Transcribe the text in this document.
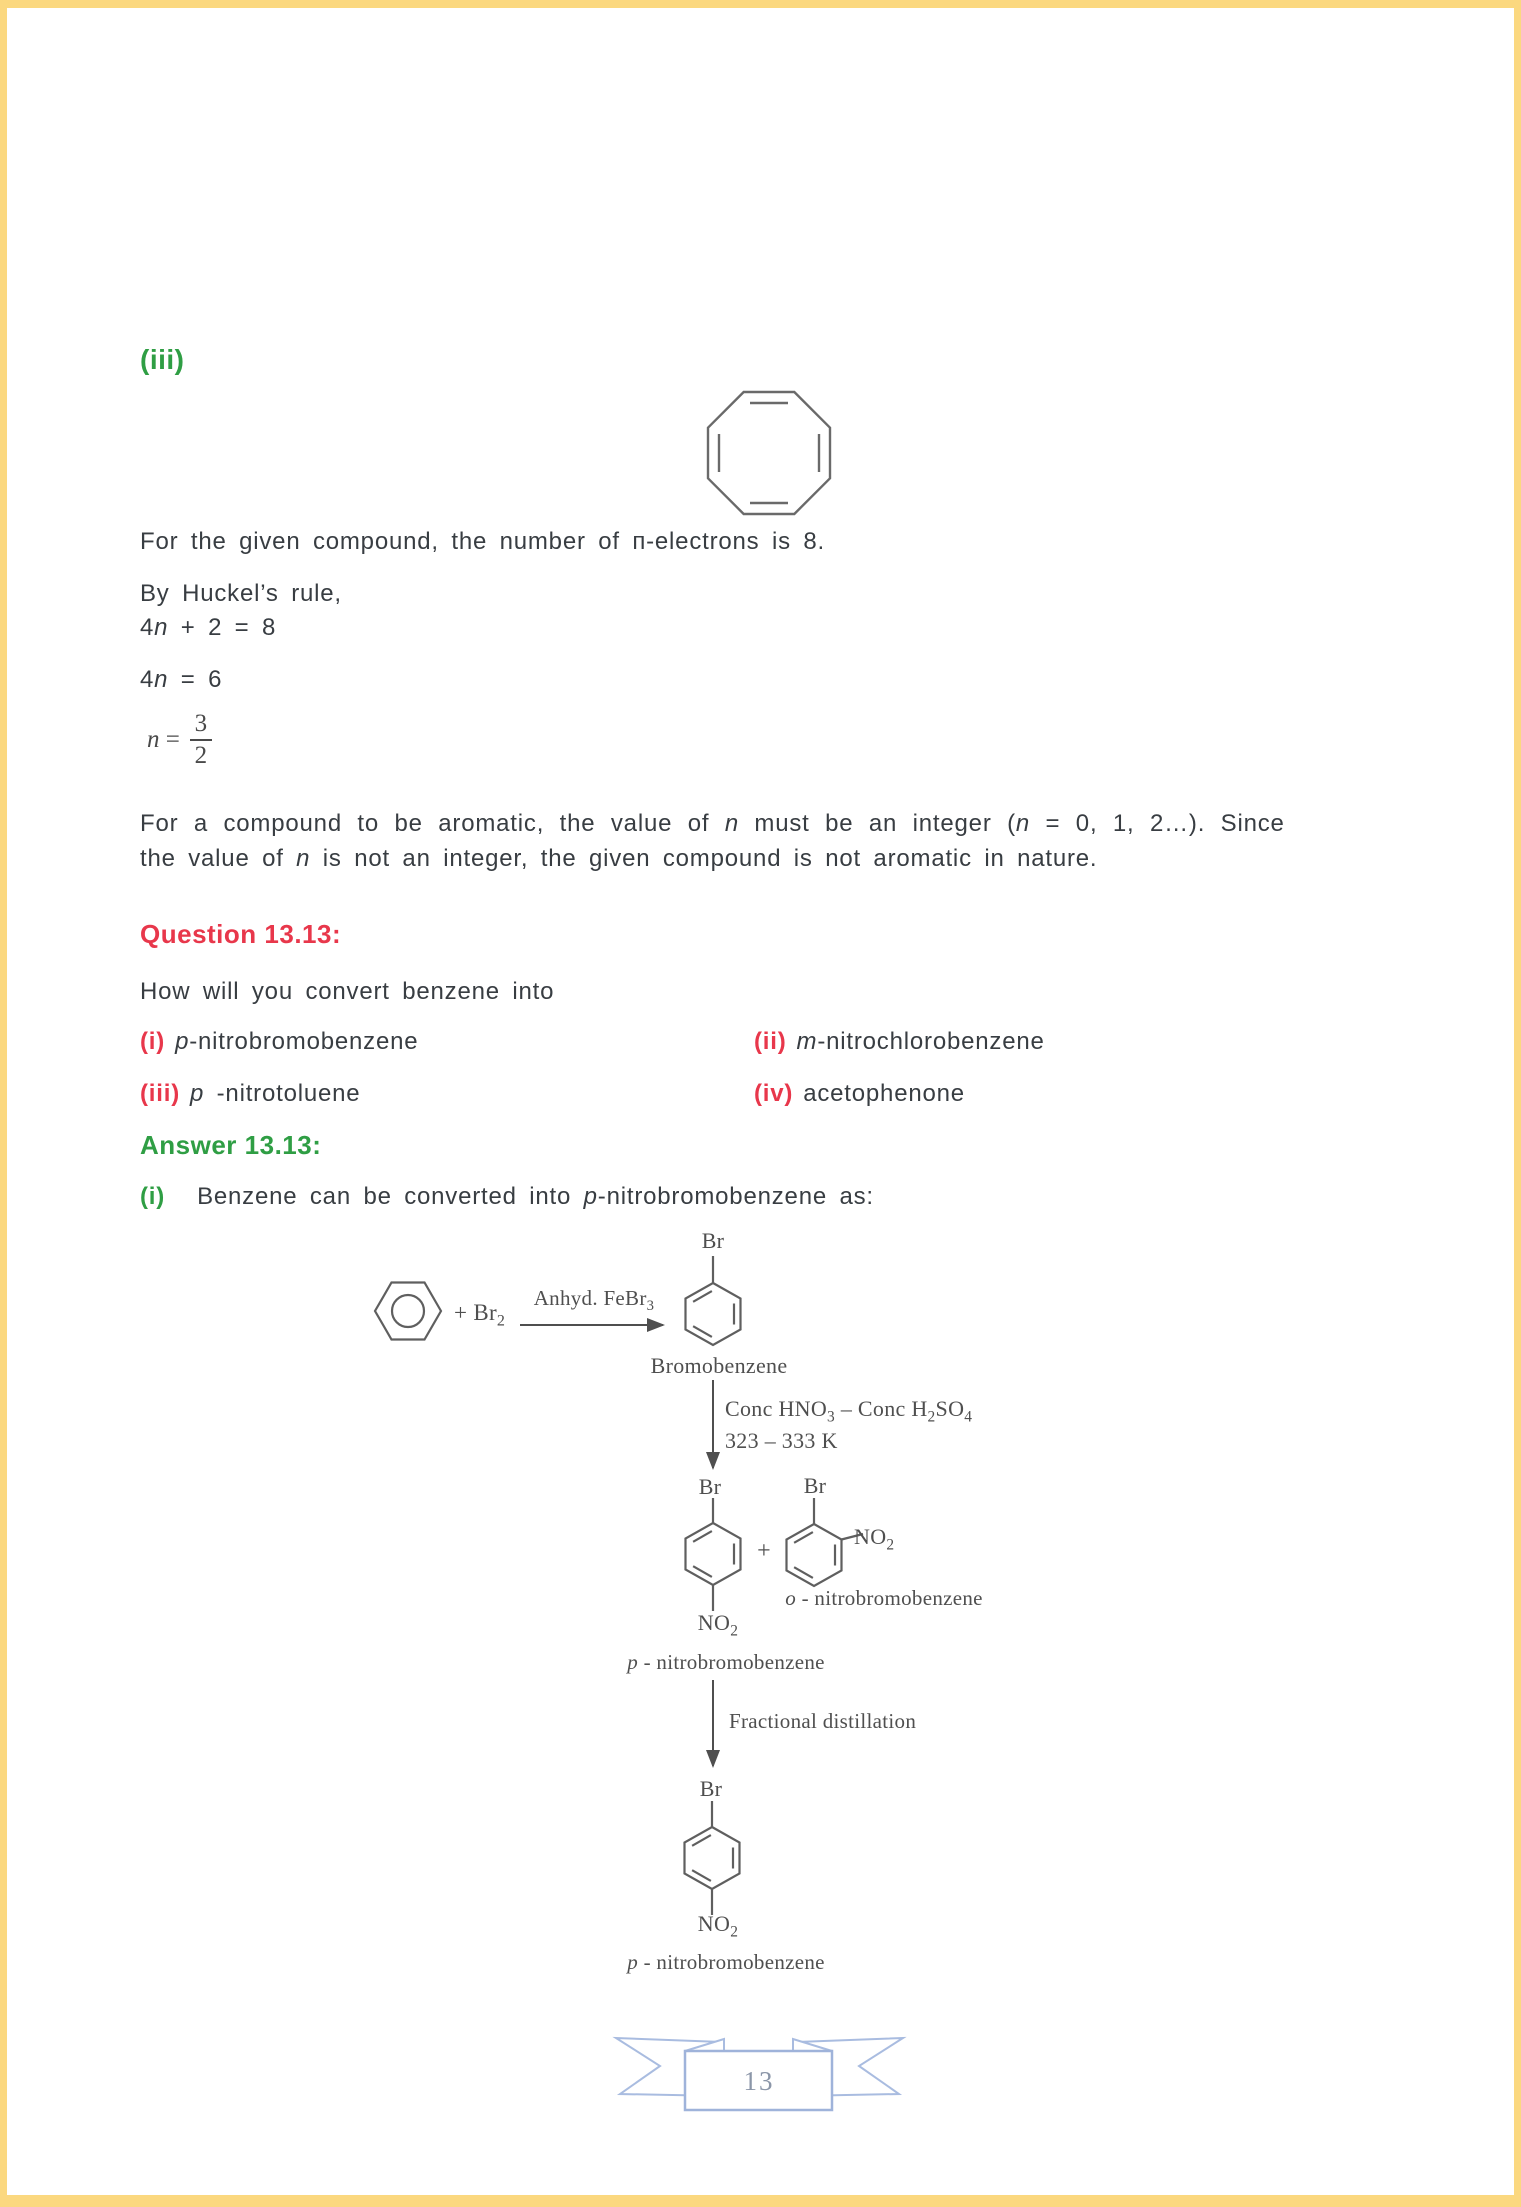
(iii)
For the given compound, the number of п-electrons is 8.
By Huckel’s rule,
4n + 2 = 8
4n = 6
$n = \frac{3}{2}$
For a compound to be aromatic, the value of n must be an integer (n = 0, 1, 2…). Since
the value of n is not an integer, the given compound is not aromatic in nature.
Question 13.13:
How will you convert benzene into
(i) p-nitrobromobenzene	(ii) m-nitrochlorobenzene
(iii) p -nitrotoluene	(iv) acetophenone
Answer 13.13:
(i) Benzene can be converted into p-nitrobromobenzene as:
+ $Br_2$
Anhyd. FeBr$_3$
Br
Bromobenzene
Conc $HNO_3$ – Conc $H_2SO_4$
323 – 333 K
Br	Br
+
$NO_2$
o - nitrobromobenzene
$NO_2$
p - nitrobromobenzene
Fractional distillation
Br
$NO_2$
p - nitrobromobenzene
13
